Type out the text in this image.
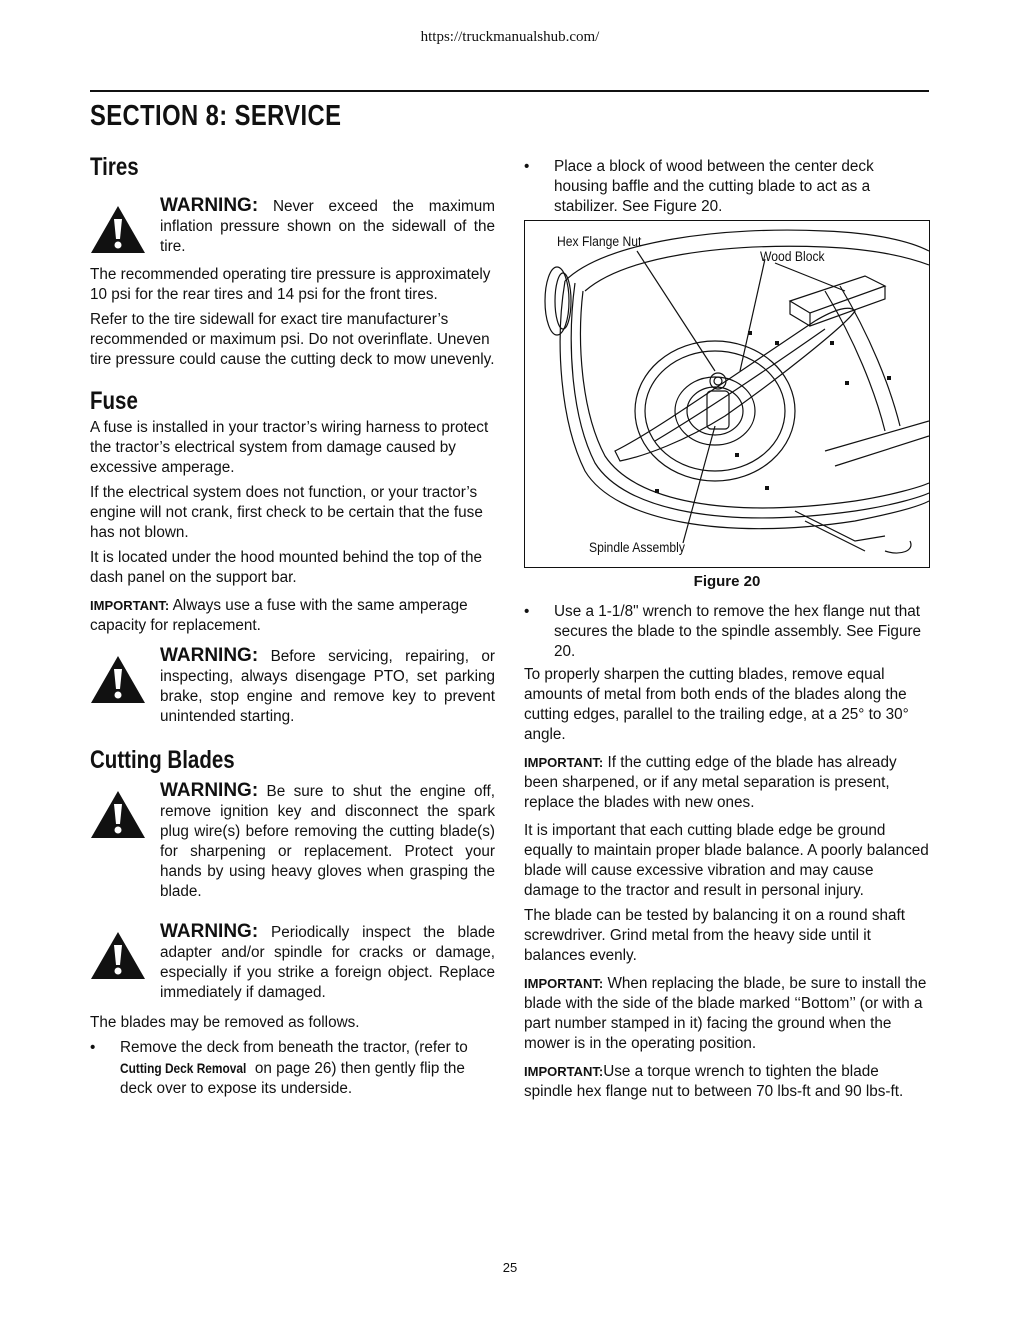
https://truckmanualshub.com/
SECTION 8: SERVICE
Tires
WARNING: Never exceed the maximum inflation pressure shown on the sidewall of the tire.

The recommended operating tire pressure is approximately 10 psi for the rear tires and 14 psi for the front tires.

Refer to the tire sidewall for exact tire manufacturer’s recommended or maximum psi. Do not overinflate. Uneven tire pressure could cause the cutting deck to mow unevenly.

Fuse

A fuse is installed in your tractor’s wiring harness to protect the tractor’s electrical system from damage caused by excessive amperage.

If the electrical system does not function, or your tractor’s engine will not crank, first check to be certain that the fuse has not blown.

It is located under the hood mounted behind the top of the dash panel on the support bar.

IMPORTANT: Always use a fuse with the same amperage capacity for replacement.

WARNING: Before servicing, repairing, or inspecting, always disengage PTO, set parking brake, stop engine and remove key to prevent unintended starting.
Cutting Blades
WARNING: Be sure to shut the engine off, remove ignition key and disconnect the spark plug wire(s) before removing the cutting blade(s) for sharpening or replacement. Protect your hands by using heavy gloves when grasping the blade.
WARNING: Periodically inspect the blade adapter and/or spindle for cracks or damage, especially if you strike a foreign object. Replace immediately if damaged.

The blades may be removed as follows.

• Remove the deck from beneath the tractor, (refer to Cutting Deck Removal on page 26) then gently flip the deck over to expose its underside.
• Place a block of wood between the center deck housing baffle and the cutting blade to act as a stabilizer. See Figure 20.
Hex Flange Nut
Wood Block
Spindle Assembly
Figure 20
• Use a 1-1/8" wrench to remove the hex flange nut that secures the blade to the spindle assembly. See Figure 20.

To properly sharpen the cutting blades, remove equal amounts of metal from both ends of the blades along the cutting edges, parallel to the trailing edge, at a 25° to 30° angle.

IMPORTANT: If the cutting edge of the blade has already been sharpened, or if any metal separation is present, replace the blades with new ones.

It is important that each cutting blade edge be ground equally to maintain proper blade balance. A poorly balanced blade will cause excessive vibration and may cause damage to the tractor and result in personal injury.

The blade can be tested by balancing it on a round shaft screwdriver. Grind metal from the heavy side until it balances evenly.

IMPORTANT: When replacing the blade, be sure to install the blade with the side of the blade marked ‘‘Bottom’’ (or with a part number stamped in it) facing the ground when the mower is in the operating position.

IMPORTANT:Use a torque wrench to tighten the blade spindle hex flange nut to between 70 lbs-ft and 90 lbs-ft.

25
